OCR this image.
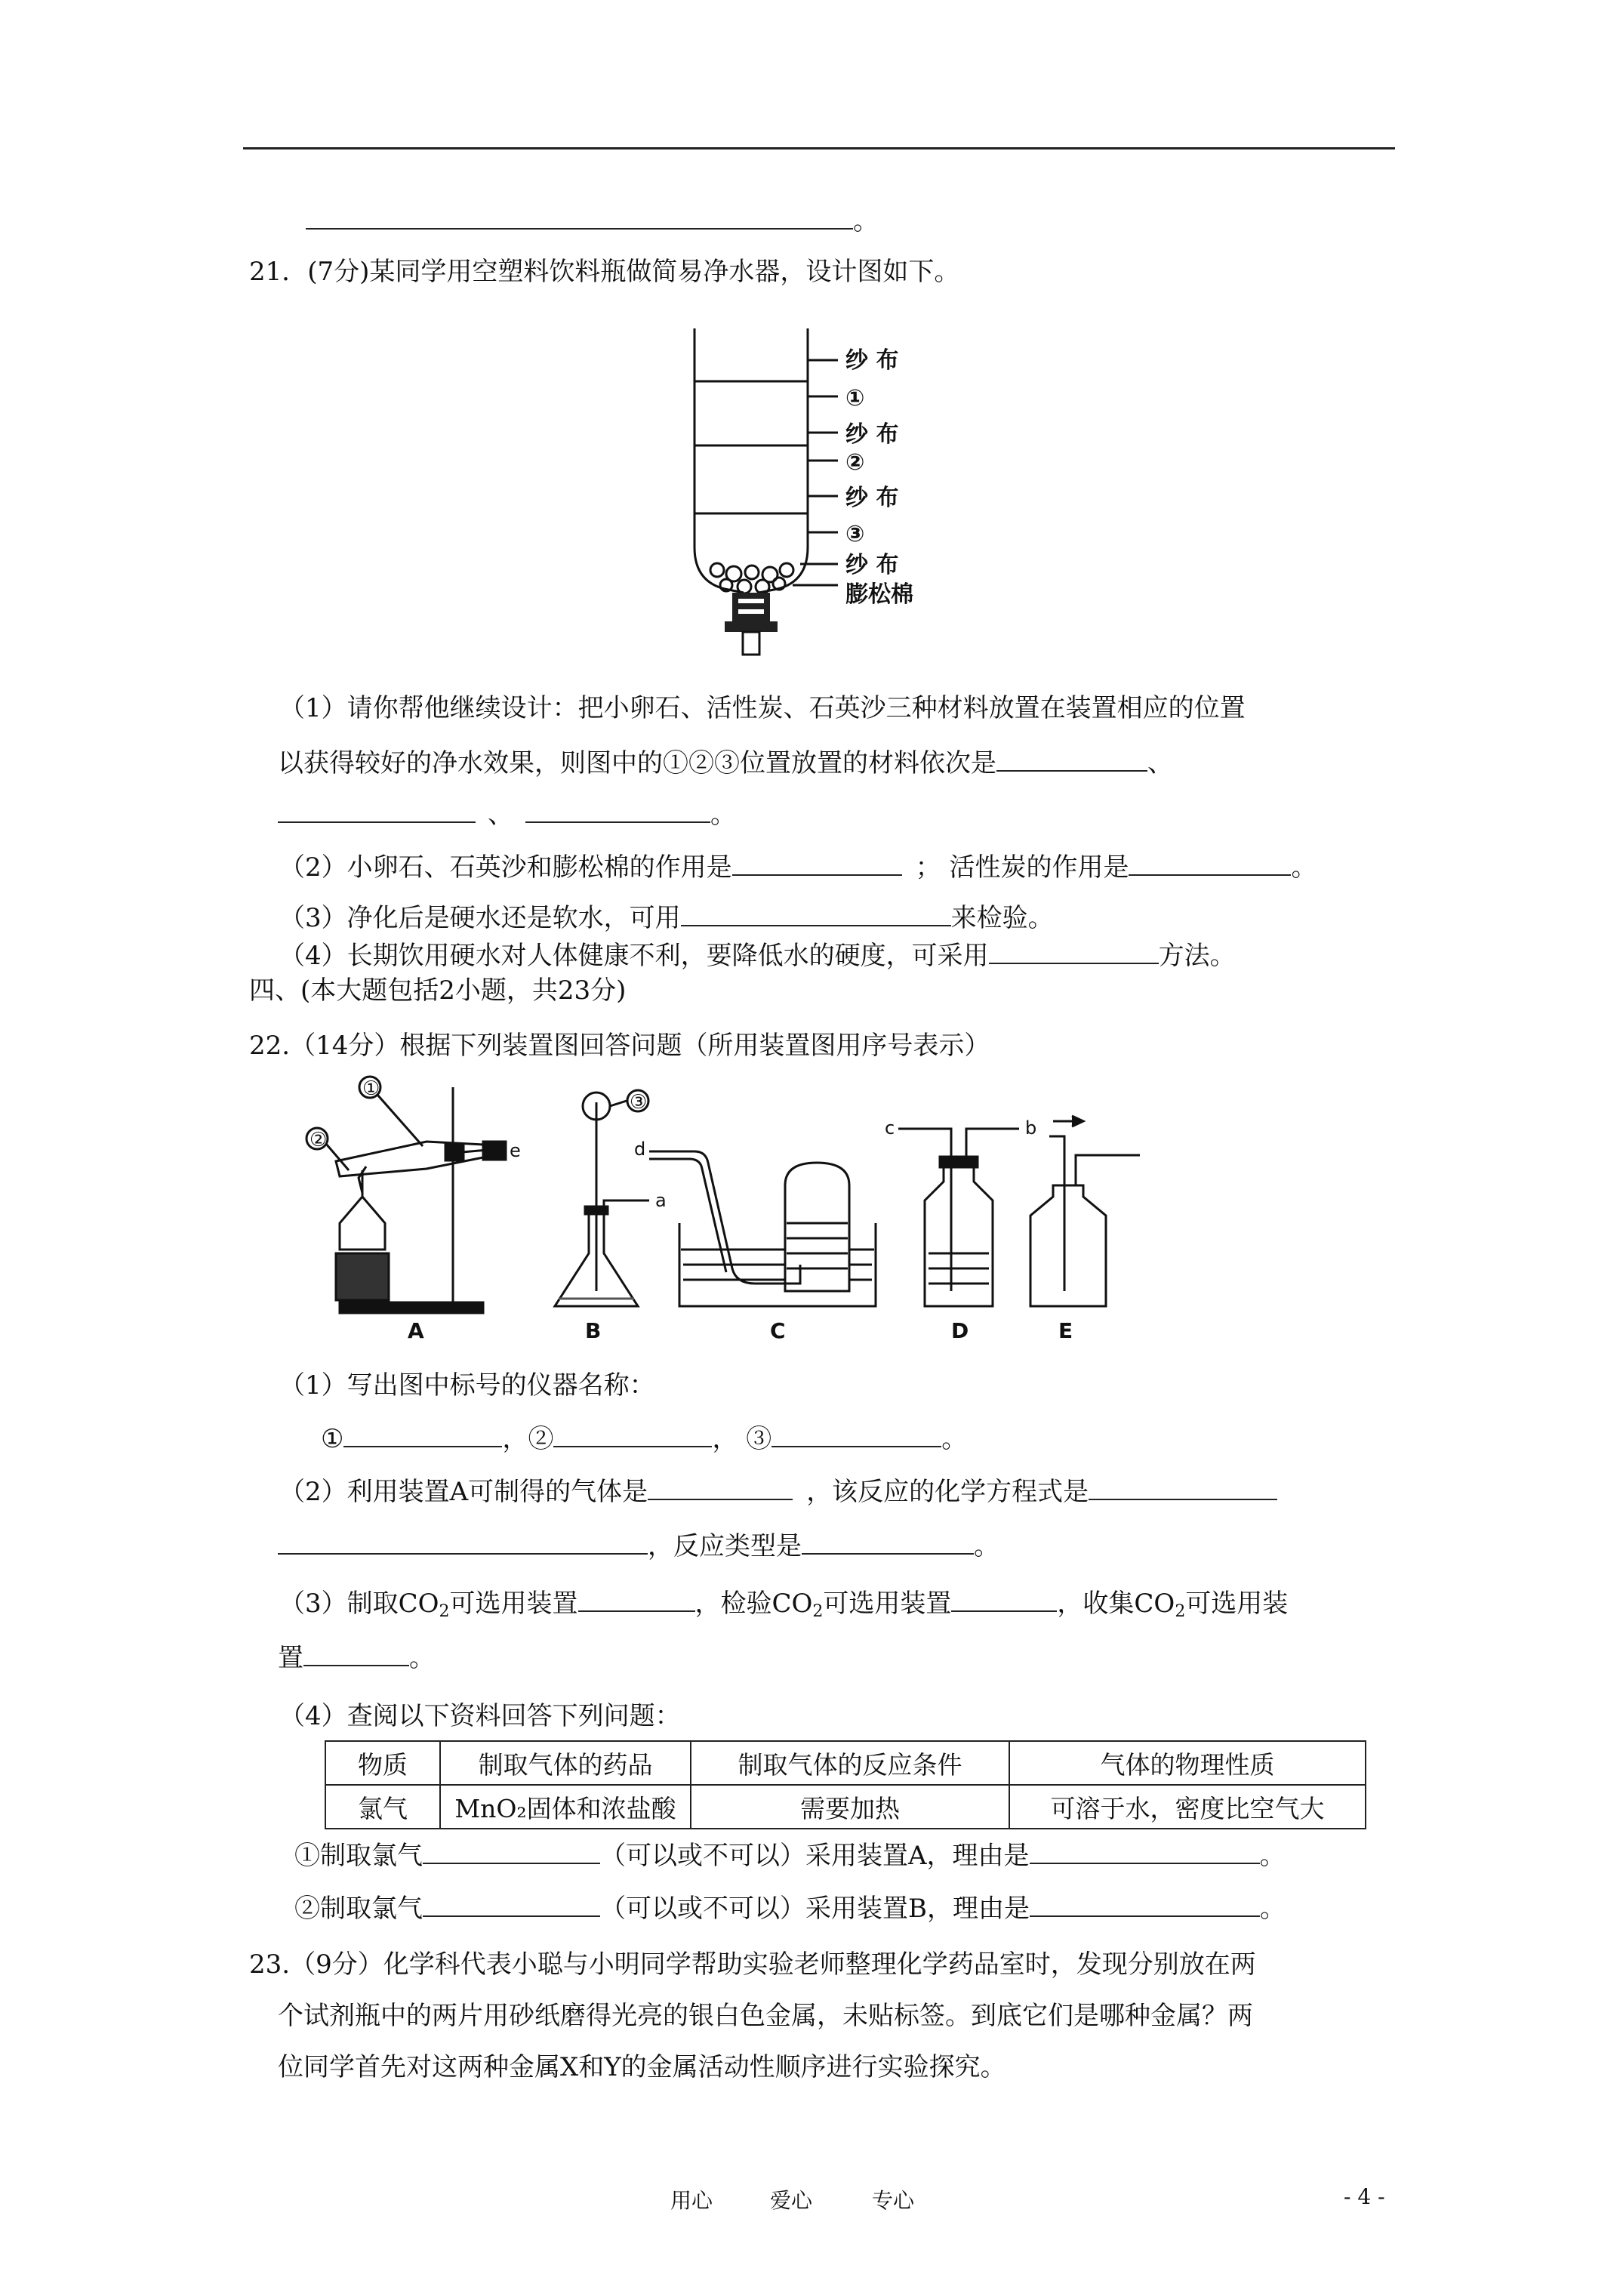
。
21．(7分)某同学用空塑料饮料瓶做简易净水器，设计图如下。
纱 布
①
纱 布
②
纱 布
③
纱 布
膨松棉
（1）请你帮他继续设计：把小卵石、活性炭、石英沙三种材料放置在装置相应的位置
以获得较好的净水效果，则图中的①②③位置放置的材料依次是	、
、	。
（2）小卵石、石英沙和膨松棉的作用是	； 活性炭的作用是	。
（3）净化后是硬水还是软水，可用	来检验。
（4）长期饮用硬水对人体健康不利，要降低水的硬度，可采用	方法。
四、(本大题包括2小题，共23分)
22.（14分）根据下列装置图回答问题（所用装置图用序号表示）
①
②
③
e
a
d
c	b
A	B	C	D	E
（1）写出图中标号的仪器名称：
①	，②	， ③	。
（2）利用装置A可制得的气体是	，该反应的化学方程式是
，反应类型是	。
（3）制取$CO_2$可选用装置	，检验$CO_2$可选用装置	，收集$CO_2$可选用装
置	。
（4）查阅以下资料回答下列问题：
物质	制取气体的药品	制取气体的反应条件	气体的物理性质
氯气	MnO₂固体和浓盐酸	需要加热	可溶于水，密度比空气大
①制取氯气	（可以或不可以）采用装置A，理由是	。
②制取氯气	（可以或不可以）采用装置B，理由是	。
23.（9分）化学科代表小聪与小明同学帮助实验老师整理化学药品室时，发现分别放在两
个试剂瓶中的两片用砂纸磨得光亮的银白色金属，未贴标签。到底它们是哪种金属？两
位同学首先对这两种金属X和Y的金属活动性顺序进行实验探究。
用心	爱心	专心	- 4 -
